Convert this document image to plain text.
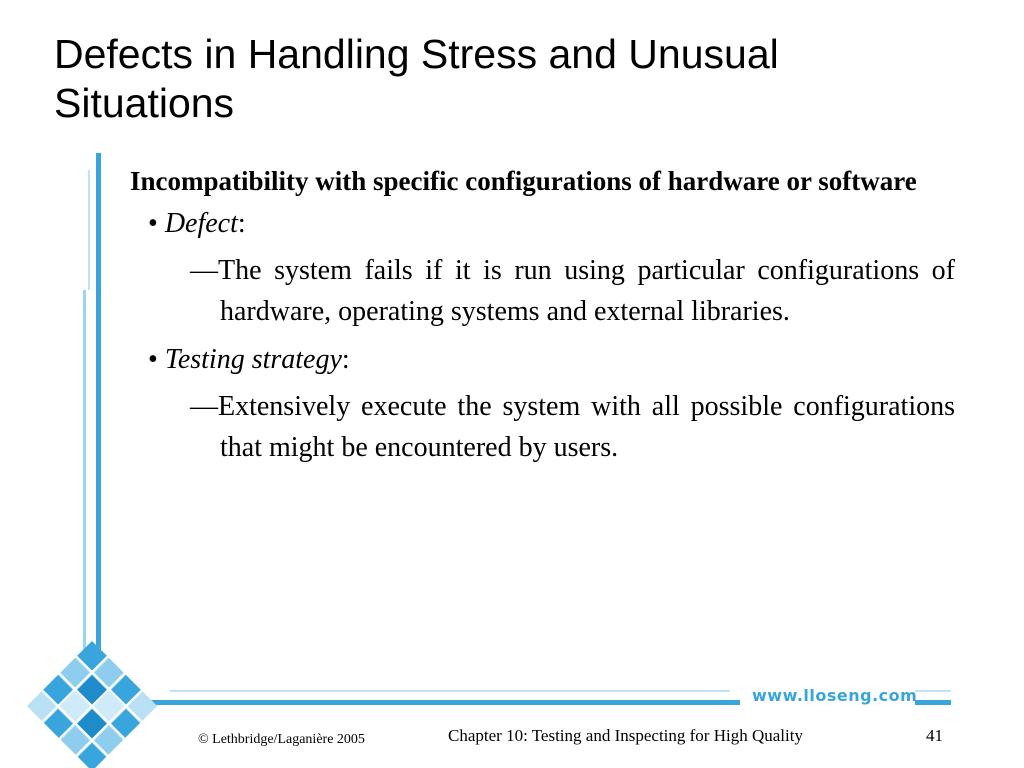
Defects in Handling Stress and Unusual
Situations
www.lloseng.com

Incompatibility with specific configurations of hardware or software

• Defect:

—The system fails if it is run using particular configurations of hardware, operating systems and external libraries.

• Testing strategy:

—Extensively execute the system with all possible configurations that might be encountered by users.

© Lethbridge/Laganière 2005	Chapter 10: Testing and Inspecting for High Quality	41
